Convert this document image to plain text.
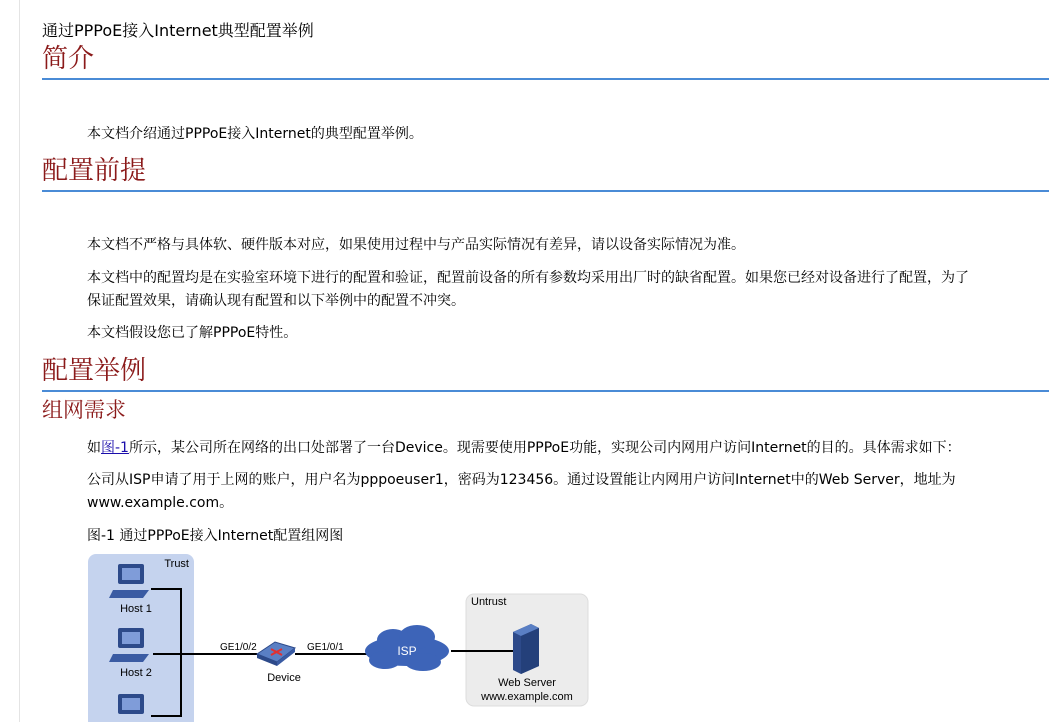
通过PPPoE接入Internet典型配置举例
简介
本文档介绍通过PPPoE接入Internet的典型配置举例。
配置前提
本文档不严格与具体软、硬件版本对应，如果使用过程中与产品实际情况有差异，请以设备实际情况为准。
本文档中的配置均是在实验室环境下进行的配置和验证，配置前设备的所有参数均采用出厂时的缺省配置。如果您已经对设备进行了配置，为了
保证配置效果，请确认现有配置和以下举例中的配置不冲突。
本文档假设您已了解PPPoE特性。
配置举例
组网需求
如图-1所示，某公司所在网络的出口处部署了一台Device。现需要使用PPPoE功能，实现公司内网用户访问Internet的目的。具体需求如下：
公司从ISP申请了用于上网的账户，用户名为pppoeuser1，密码为123456。通过设置能让内网用户访问Internet中的Web Server，地址为
www.example.com。
图-1 通过PPPoE接入Internet配置组网图
Trust
Untrust
Host 1
Host 2
GE1/0/2	GE1/0/1
Device
ISP
Web Server
www.example.com
